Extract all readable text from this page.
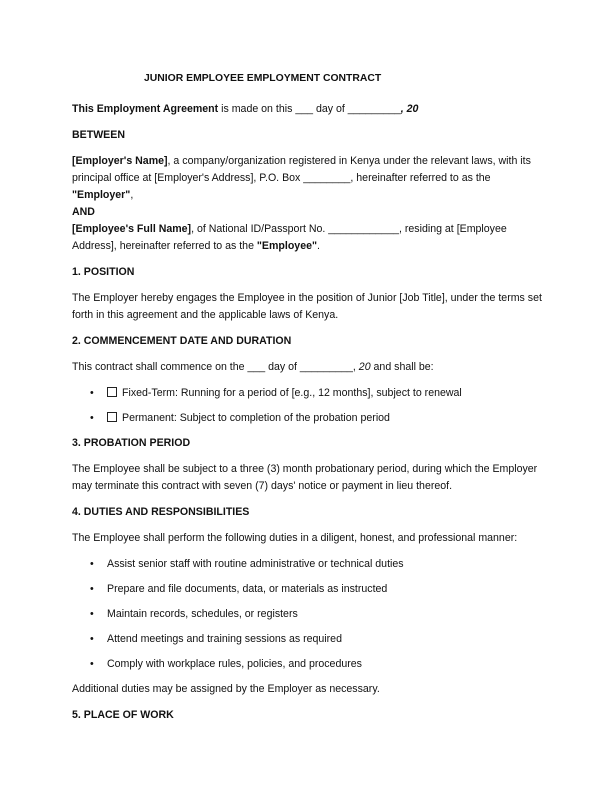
JUNIOR EMPLOYEE EMPLOYMENT CONTRACT

This Employment Agreement is made on this ___ day of _________, 20

BETWEEN

[Employer's Name], a company/organization registered in Kenya under the relevant laws, with its principal office at [Employer's Address], P.O. Box ________, hereinafter referred to as the "Employer",

AND

[Employee's Full Name], of National ID/Passport No. ____________, residing at [Employee Address], hereinafter referred to as the "Employee".

1. POSITION

The Employer hereby engages the Employee in the position of Junior [Job Title], under the terms set forth in this agreement and the applicable laws of Kenya.

2. COMMENCEMENT DATE AND DURATION

This contract shall commence on the ___ day of _________, 20 and shall be:

• Fixed-Term: Running for a period of [e.g., 12 months], subject to renewal
• Permanent: Subject to completion of the probation period
3. PROBATION PERIOD

The Employee shall be subject to a three (3) month probationary period, during which the Employer may terminate this contract with seven (7) days' notice or payment in lieu thereof.

4. DUTIES AND RESPONSIBILITIES

The Employee shall perform the following duties in a diligent, honest, and professional manner:

• Assist senior staff with routine administrative or technical duties
• Prepare and file documents, data, or materials as instructed
• Maintain records, schedules, or registers
• Attend meetings and training sessions as required
• Comply with workplace rules, policies, and procedures

Additional duties may be assigned by the Employer as necessary.

5. PLACE OF WORK
